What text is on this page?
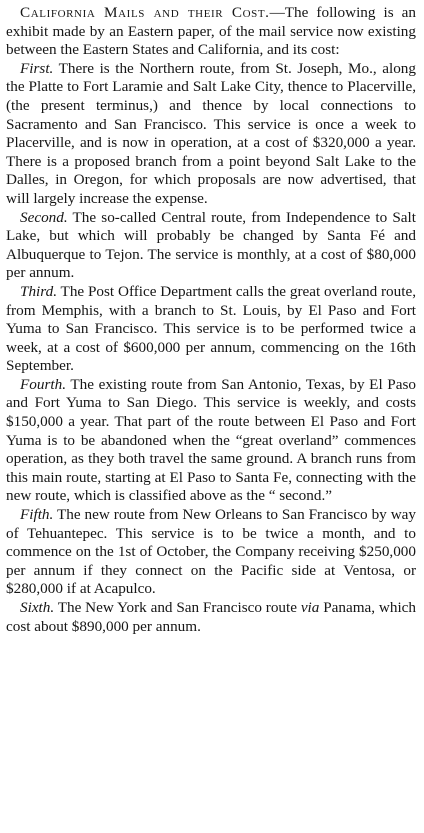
California Mails and their Cost.—The following is an exhibit made by an Eastern paper, of the mail service now existing between the Eastern States and California, and its cost:

First. There is the Northern route, from St. Joseph, Mo., along the Platte to Fort Laramie and Salt Lake City, thence to Placerville, (the present terminus,) and thence by local connections to Sacramento and San Francisco. This service is once a week to Placerville, and is now in operation, at a cost of $320,000 a year. There is a proposed branch from a point beyond Salt Lake to the Dalles, in Oregon, for which proposals are now advertised, that will largely increase the expense.

Second. The so-called Central route, from Independence to Salt Lake, but which will probably be changed by Santa Fé and Albuquerque to Tejon. The service is monthly, at a cost of $80,000 per annum.

Third. The Post Office Department calls the great overland route, from Memphis, with a branch to St. Louis, by El Paso and Fort Yuma to San Francisco. This service is to be performed twice a week, at a cost of $600,000 per annum, commencing on the 16th September.

Fourth. The existing route from San Antonio, Texas, by El Paso and Fort Yuma to San Diego. This service is weekly, and costs $150,000 a year. That part of the route between El Paso and Fort Yuma is to be abandoned when the “great overland” commences operation, as they both travel the same ground. A branch runs from this main route, starting at El Paso to Santa Fe, connecting with the new route, which is classified above as the “ second.”

Fifth. The new route from New Orleans to San Francisco by way of Tehuantepec. This service is to be twice a month, and to commence on the 1st of October, the Company receiving $250,000 per annum if they connect on the Pacific side at Ventosa, or $280,000 if at Acapulco.

Sixth. The New York and San Francisco route via Panama, which cost about $890,000 per annum.
